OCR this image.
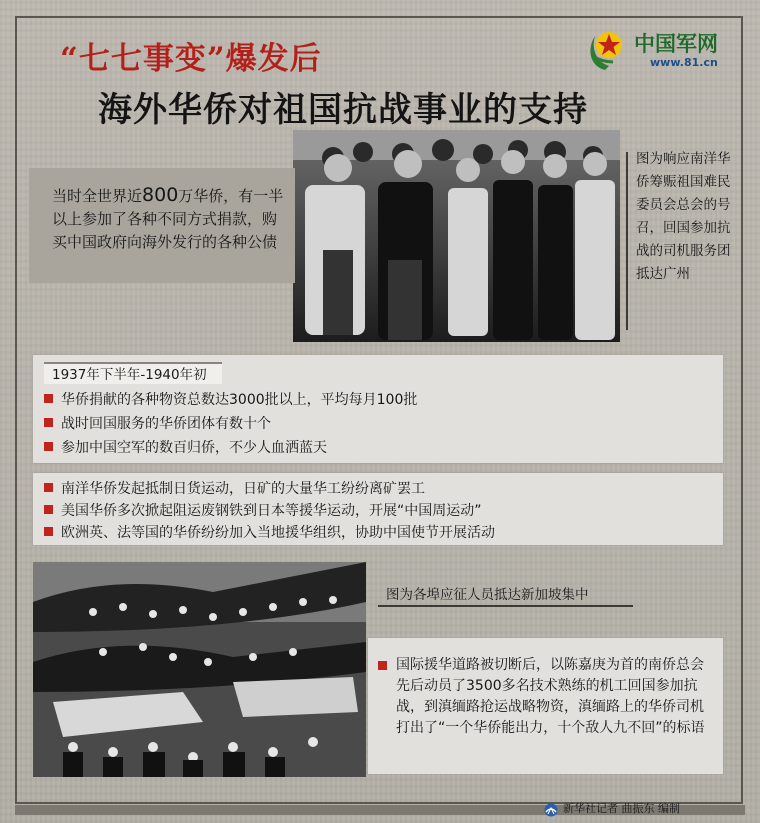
“七七事变”爆发后
海外华侨对祖国抗战事业的支持
中国军网
www.81.cn
当时全世界近800万华侨，有一半以上参加了各种不同方式捐款，购买中国政府向海外发行的各种公债
图为响应南洋华侨筹赈祖国难民委员会总会的号召，回国参加抗战的司机服务团抵达广州
1937年下半年-1940年初
华侨捐献的各种物资总数达3000批以上，平均每月100批
战时回国服务的华侨团体有数十个
参加中国空军的数百归侨，不少人血洒蓝天
南洋华侨发起抵制日货运动，日矿的大量华工纷纷离矿罢工
美国华侨多次掀起阻运废钢铁到日本等援华运动，开展“中国周运动”
欧洲英、法等国的华侨纷纷加入当地援华组织，协助中国使节开展活动
图为各埠应征人员抵达新加坡集中
国际援华道路被切断后，以陈嘉庚为首的南侨总会先后动员了3500多名技术熟练的机工回国参加抗战，到滇缅路抢运战略物资，滇缅路上的华侨司机打出了“一个华侨能出力，十个敌人九不回”的标语
新华社记者 曲振东 编制
